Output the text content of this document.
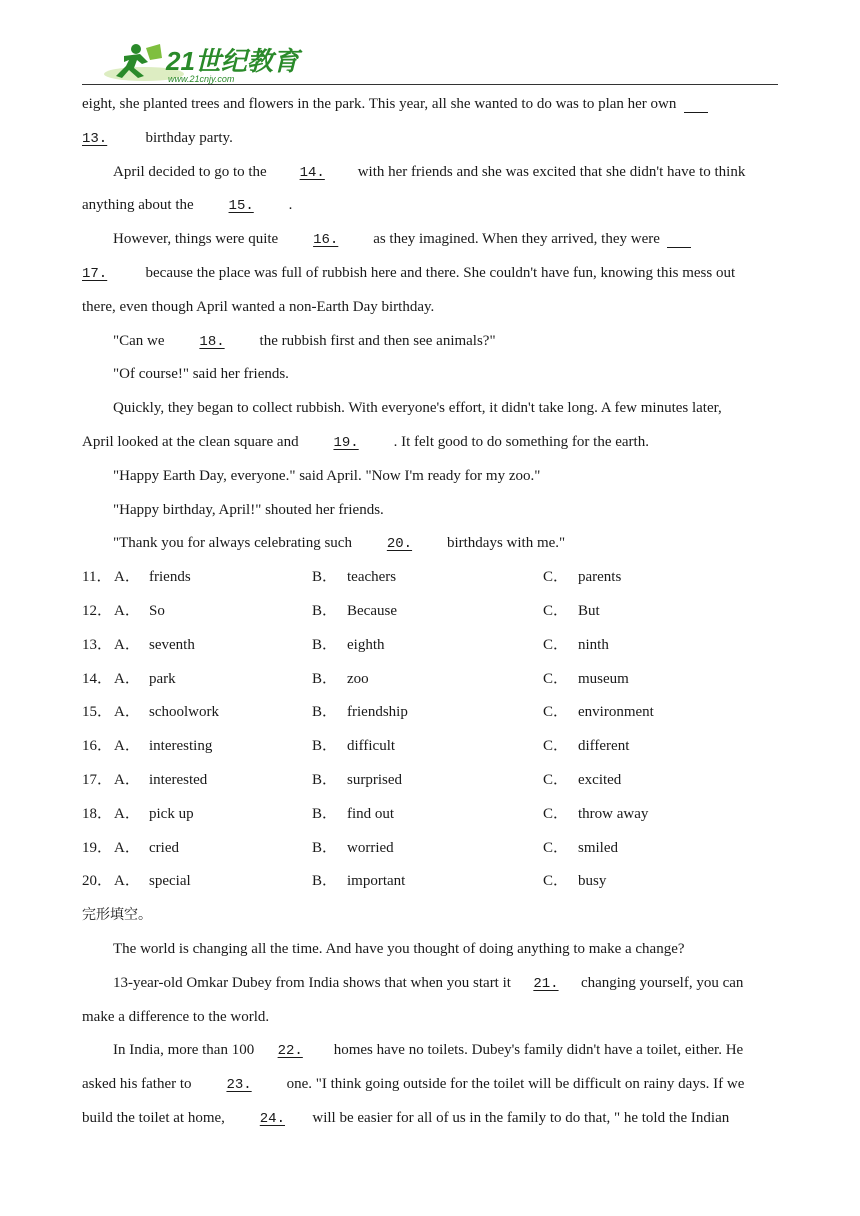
21世纪教育
www.21cnjy.com
eight, she planted trees and flowers in the park. This year, all she wanted to do was to plan her own
13.	birthday party.
April decided to go to the 14. with her friends and she was excited that she didn't have to think
anything about the 15. .
However, things were quite 16. as they imagined. When they arrived, they were
17.	because the place was full of rubbish here and there. She couldn't have fun, knowing this mess out
there, even though April wanted a non-Earth Day birthday.
"Can we 18. the rubbish first and then see animals?"
"Of course!" said her friends.
Quickly, they began to collect rubbish. With everyone's effort, it didn't take long. A few minutes later,
April looked at the clean square and 19. . It felt good to do something for the earth.
"Happy Earth Day, everyone." said April. "Now I'm ready for my zoo."
"Happy birthday, April!" shouted her friends.
"Thank you for always celebrating such 20. birthdays with me."
11． A． friends	B． teachers	C． parents
12． A． So	B． Because	C． But
13． A． seventh	B． eighth	C． ninth
14． A． park	B． zoo	C． museum
15． A． schoolwork	B． friendship	C． environment
16． A． interesting	B． difficult	C． different
17． A． interested	B． surprised	C． excited
18． A． pick up	B． find out	C． throw away
19． A． cried	B． worried	C． smiled
20． A． special	B． important	C． busy
完形填空。
The world is changing all the time. And have you thought of doing anything to make a change?
13-year-old Omkar Dubey from India shows that when you start it 21. changing yourself, you can
make a difference to the world.
In India, more than 100 22. homes have no toilets. Dubey's family didn't have a toilet, either. He
asked his father to 23. one. "I think going outside for the toilet will be difficult on rainy days. If we
build the toilet at home, 24. will be easier for all of us in the family to do that, " he told the Indian
